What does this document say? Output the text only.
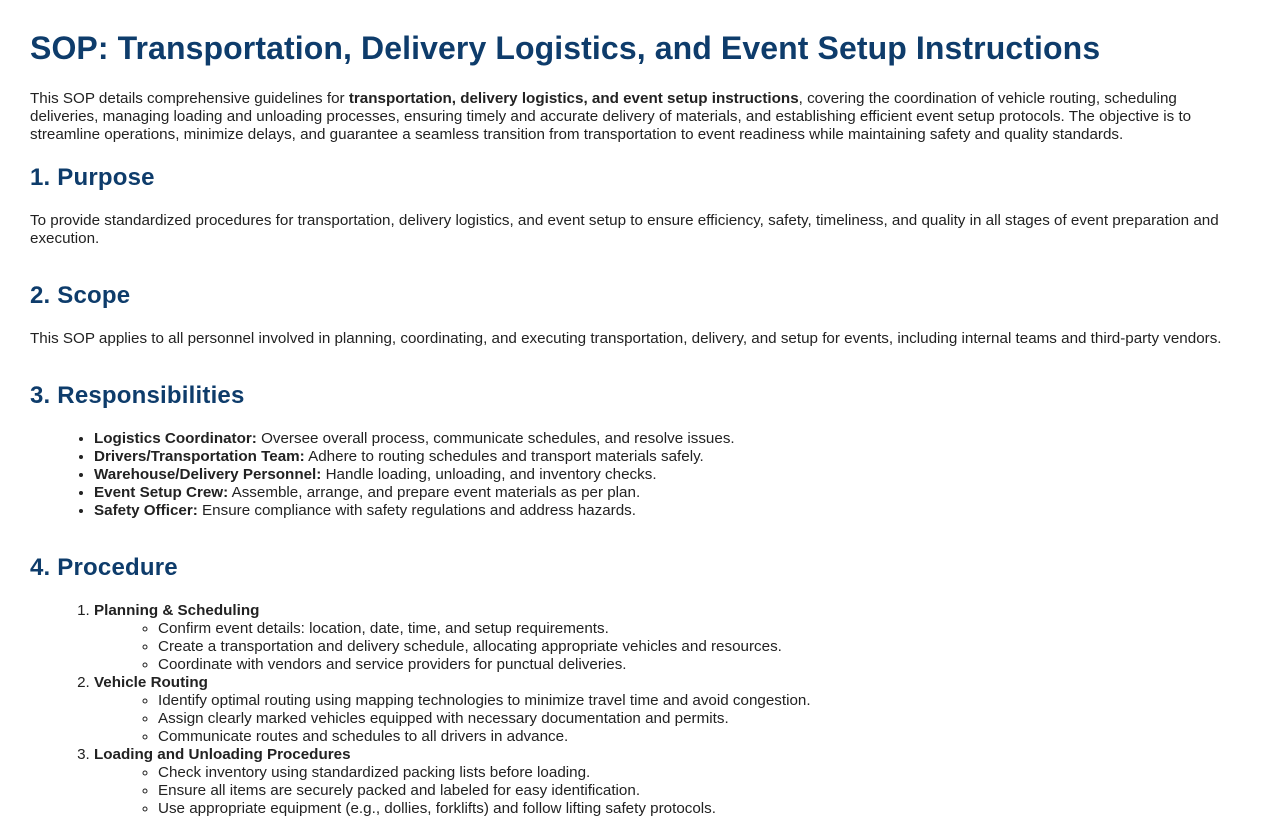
SOP: Transportation, Delivery Logistics, and Event Setup Instructions

This SOP details comprehensive guidelines for transportation, delivery logistics, and event setup instructions, covering the coordination of vehicle routing, scheduling deliveries, managing loading and unloading processes, ensuring timely and accurate delivery of materials, and establishing efficient event setup protocols. The objective is to streamline operations, minimize delays, and guarantee a seamless transition from transportation to event readiness while maintaining safety and quality standards.

1. Purpose

To provide standardized procedures for transportation, delivery logistics, and event setup to ensure efficiency, safety, timeliness, and quality in all stages of event preparation and execution.

2. Scope

This SOP applies to all personnel involved in planning, coordinating, and executing transportation, delivery, and setup for events, including internal teams and third-party vendors.

3. Responsibilities
• Logistics Coordinator: Oversee overall process, communicate schedules, and resolve issues.
• Drivers/Transportation Team: Adhere to routing schedules and transport materials safely.
• Warehouse/Delivery Personnel: Handle loading, unloading, and inventory checks.
• Event Setup Crew: Assemble, arrange, and prepare event materials as per plan.
• Safety Officer: Ensure compliance with safety regulations and address hazards.
4. Procedure
1. Planning & Scheduling
◦ Confirm event details: location, date, time, and setup requirements.
◦ Create a transportation and delivery schedule, allocating appropriate vehicles and resources.
◦ Coordinate with vendors and service providers for punctual deliveries.
2. Vehicle Routing
◦ Identify optimal routing using mapping technologies to minimize travel time and avoid congestion.
◦ Assign clearly marked vehicles equipped with necessary documentation and permits.
◦ Communicate routes and schedules to all drivers in advance.
3. Loading and Unloading Procedures
◦ Check inventory using standardized packing lists before loading.
◦ Ensure all items are securely packed and labeled for easy identification.
◦ Use appropriate equipment (e.g., dollies, forklifts) and follow lifting safety protocols.
